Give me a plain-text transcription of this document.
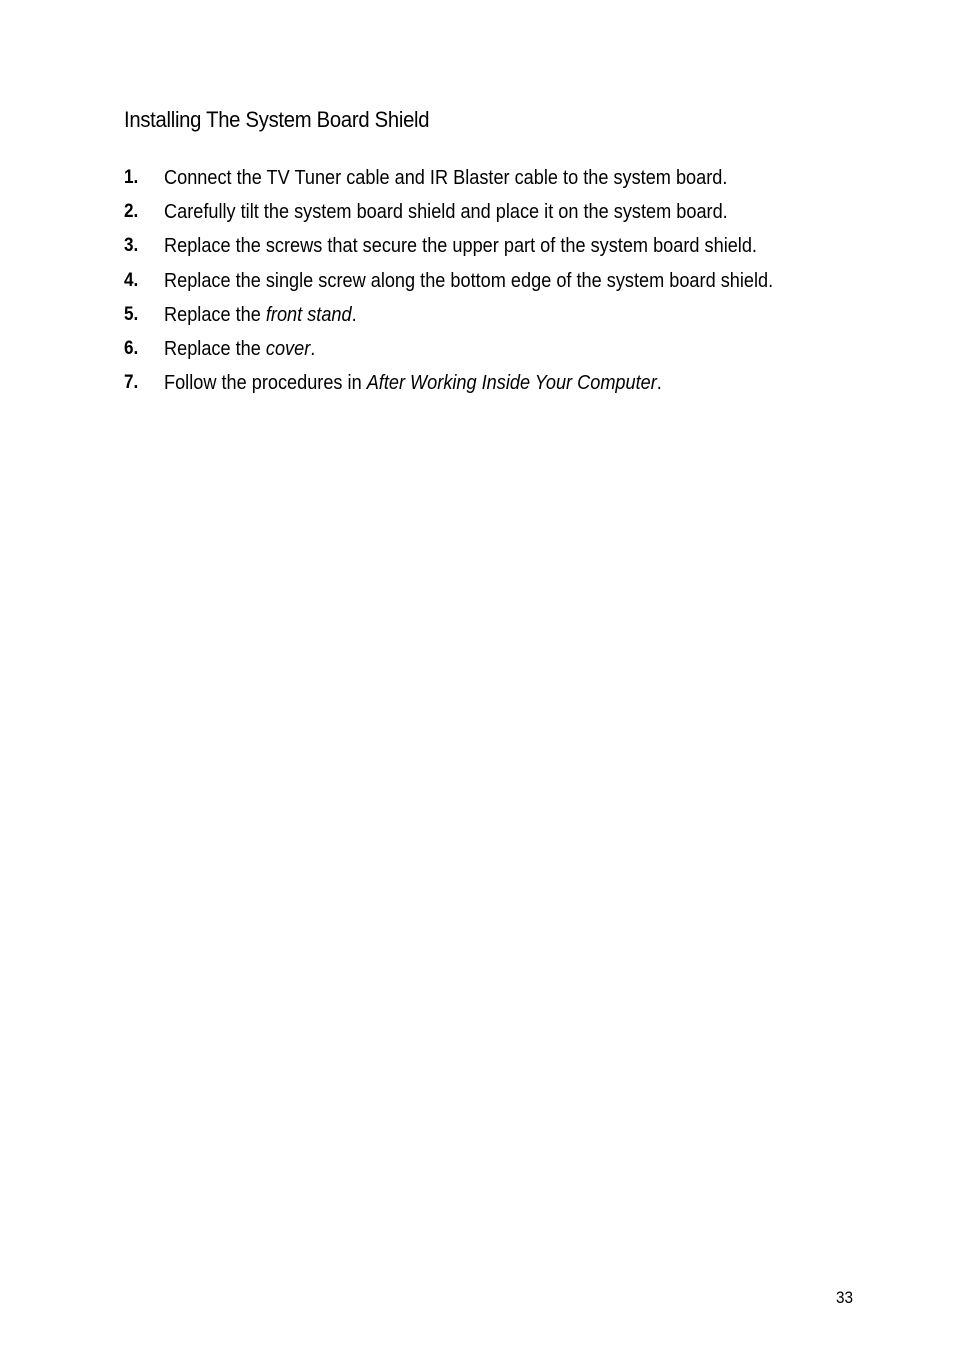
Installing The System Board Shield
1. Connect the TV Tuner cable and IR Blaster cable to the system board.
2. Carefully tilt the system board shield and place it on the system board.
3. Replace the screws that secure the upper part of the system board shield.
4. Replace the single screw along the bottom edge of the system board shield.
5. Replace the front stand.
6. Replace the cover.
7. Follow the procedures in After Working Inside Your Computer.
33
